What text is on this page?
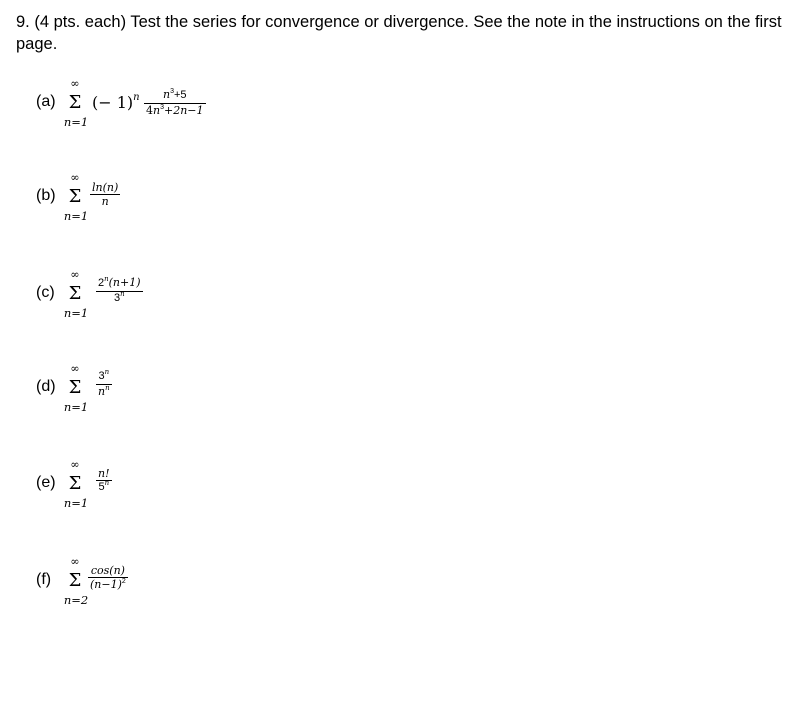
9. (4 pts. each) Test the series for convergence or divergence. See the note in the instructions on the first page.
(a)
∞
Σ
n=1
(− $1)^n \frac{n^3+5}{4n^3+2n-1}$
(b)
∞
Σ
n=1
$\frac{\ln(n)}{n}$
(c)
∞
Σ
n=1
$\frac{2^n(n+1)}{3^n}$
(d)
∞
Σ
n=1
$\frac{3^n}{n^n}$
(e)
∞
Σ
n=1
$\frac{n!}{5^n}$
(f)
∞
Σ
n=2
$\frac{\cos(n)}{(n-1)^2}$
